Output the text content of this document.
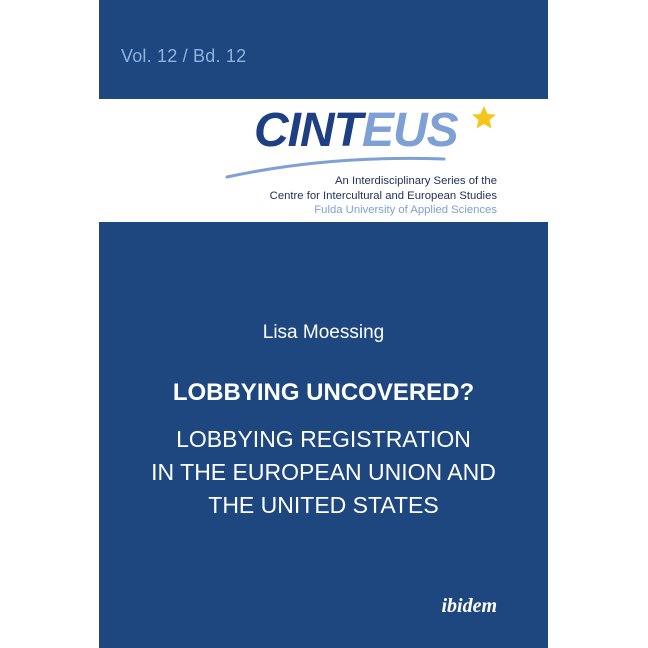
Vol. 12 / Bd. 12
CINTEUS
An Interdisciplinary Series of the
Centre for Intercultural and European Studies
Fulda University of Applied Sciences
Lisa Moessing
LOBBYING UNCOVERED?
LOBBYING REGISTRATION
IN THE EUROPEAN UNION AND
THE UNITED STATES
ibidem
